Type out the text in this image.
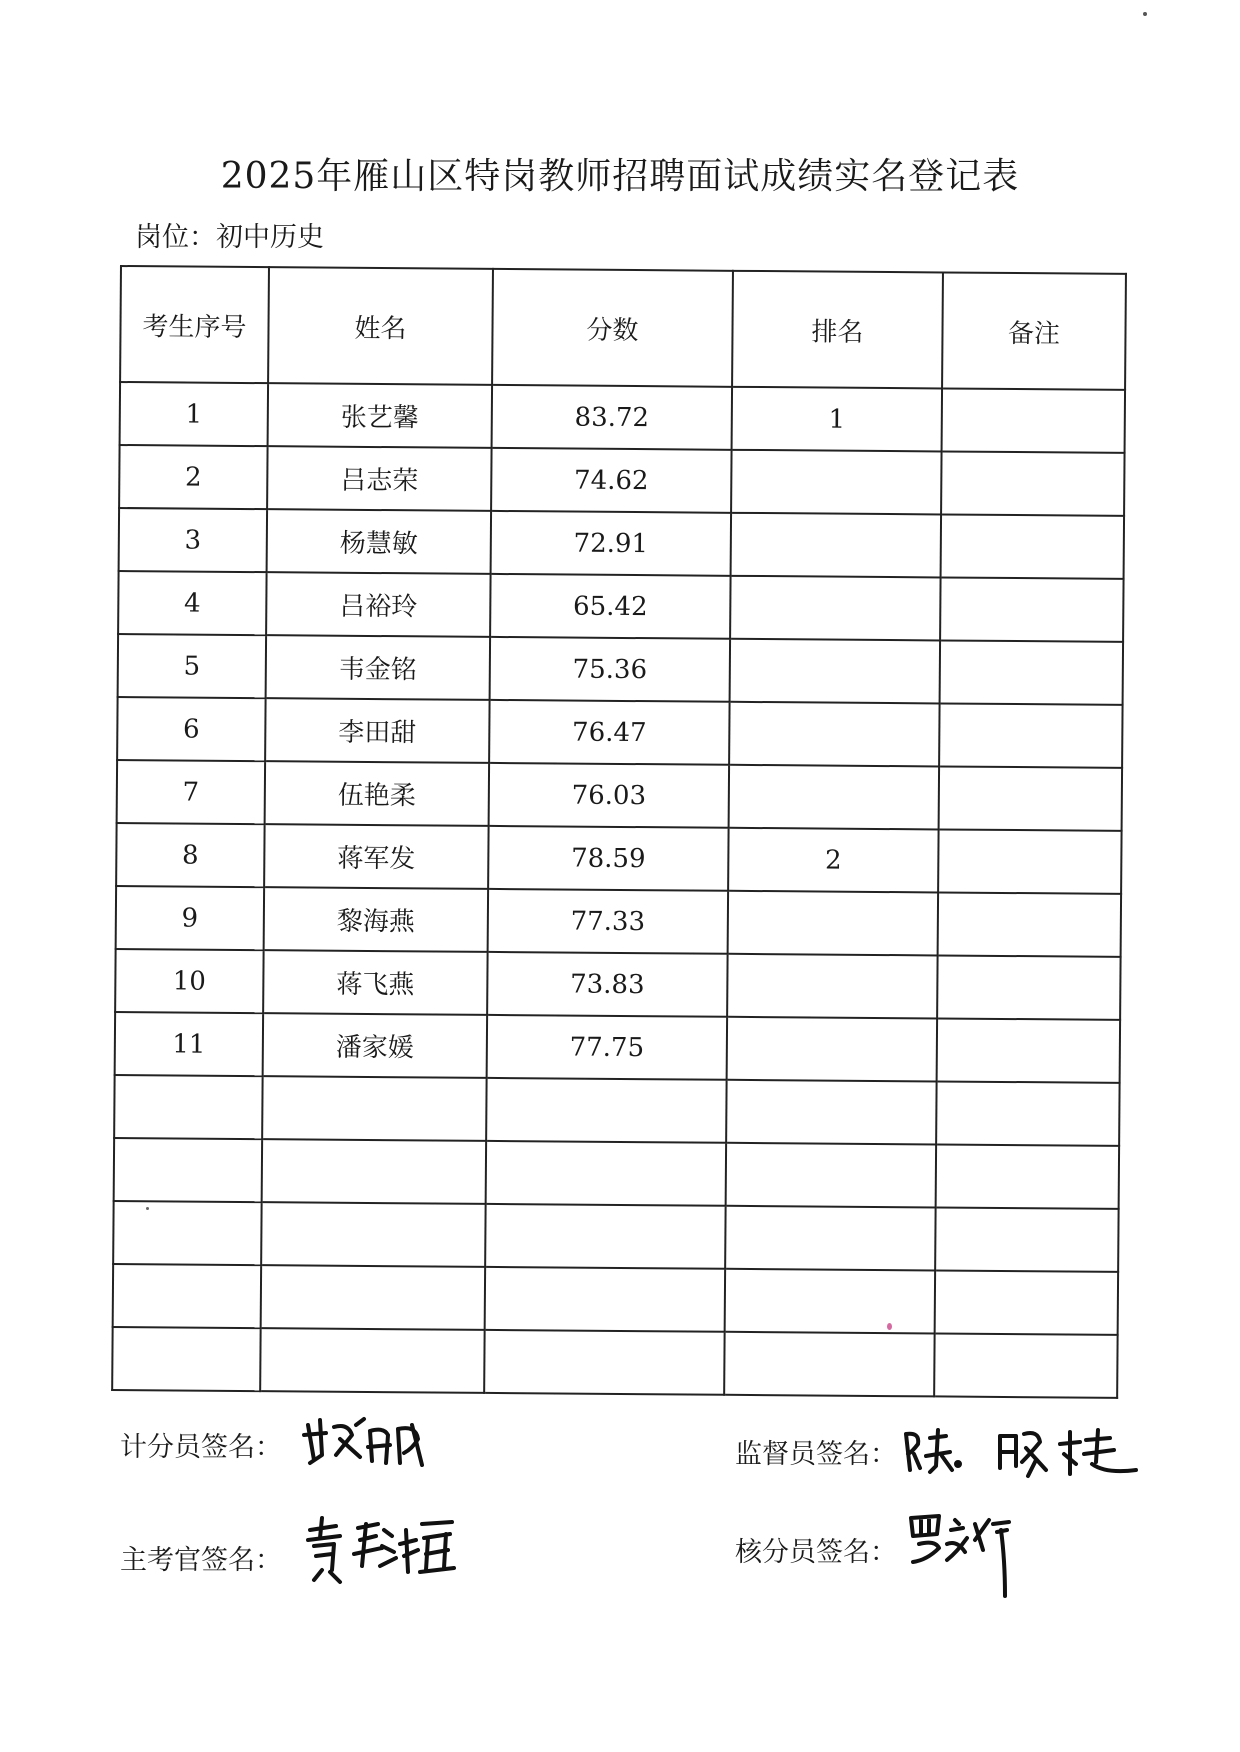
2025年雁山区特岗教师招聘面试成绩实名登记表
岗位：初中历史
考生序号	姓名	分数	排名	备注
1	张艺馨	83.72	1	
2	吕志荣	74.62		
3	杨慧敏	72.91		
4	吕裕玲	65.42		
5	韦金铭	75.36		
6	李田甜	76.47		
7	伍艳柔	76.03		
8	蒋军发	78.59	2	
9	黎海燕	77.33		
10	蒋飞燕	73.83		
11	潘家媛	77.75		

计分员签名：	监督员签名：
主考官签名：	核分员签名：
